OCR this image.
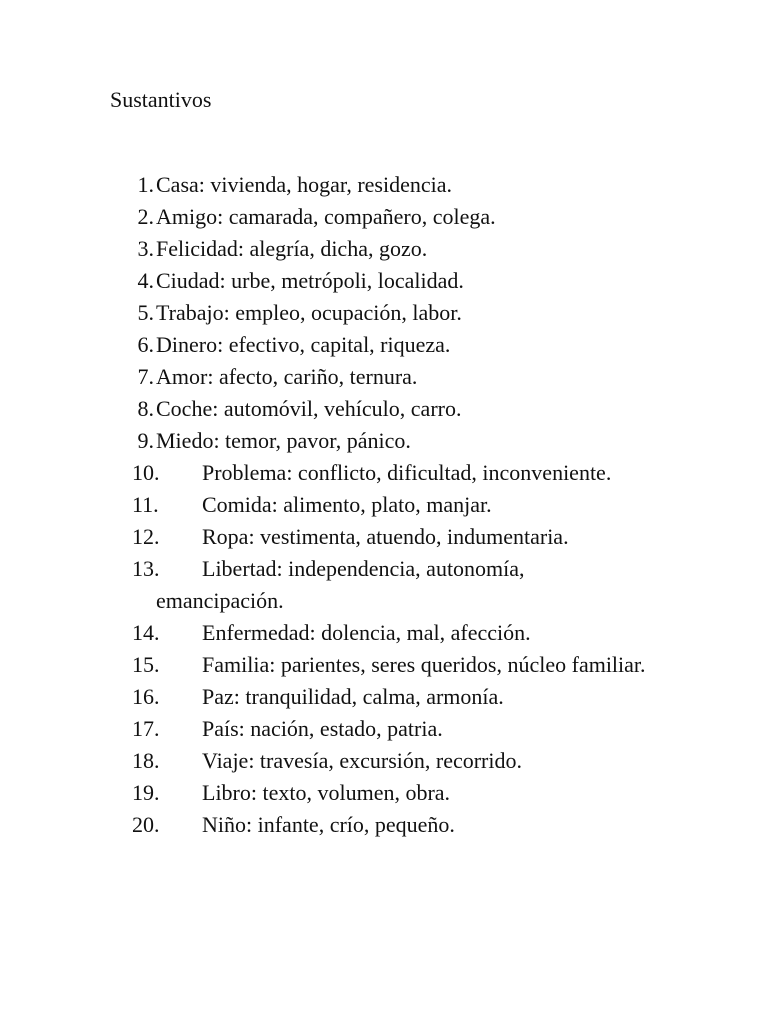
Sustantivos
1. Casa: vivienda, hogar, residencia.
2. Amigo: camarada, compañero, colega.
3. Felicidad: alegría, dicha, gozo.
4. Ciudad: urbe, metrópoli, localidad.
5. Trabajo: empleo, ocupación, labor.
6. Dinero: efectivo, capital, riqueza.
7. Amor: afecto, cariño, ternura.
8. Coche: automóvil, vehículo, carro.
9. Miedo: temor, pavor, pánico.
10.	Problema: conflicto, dificultad, inconveniente.
11.	Comida: alimento, plato, manjar.
12.	Ropa: vestimenta, atuendo, indumentaria.
13.	Libertad: independencia, autonomía, emancipación.
14.	Enfermedad: dolencia, mal, afección.
15.	Familia: parientes, seres queridos, núcleo familiar.
16.	Paz: tranquilidad, calma, armonía.
17.	País: nación, estado, patria.
18.	Viaje: travesía, excursión, recorrido.
19.	Libro: texto, volumen, obra.
20.	Niño: infante, crío, pequeño.
